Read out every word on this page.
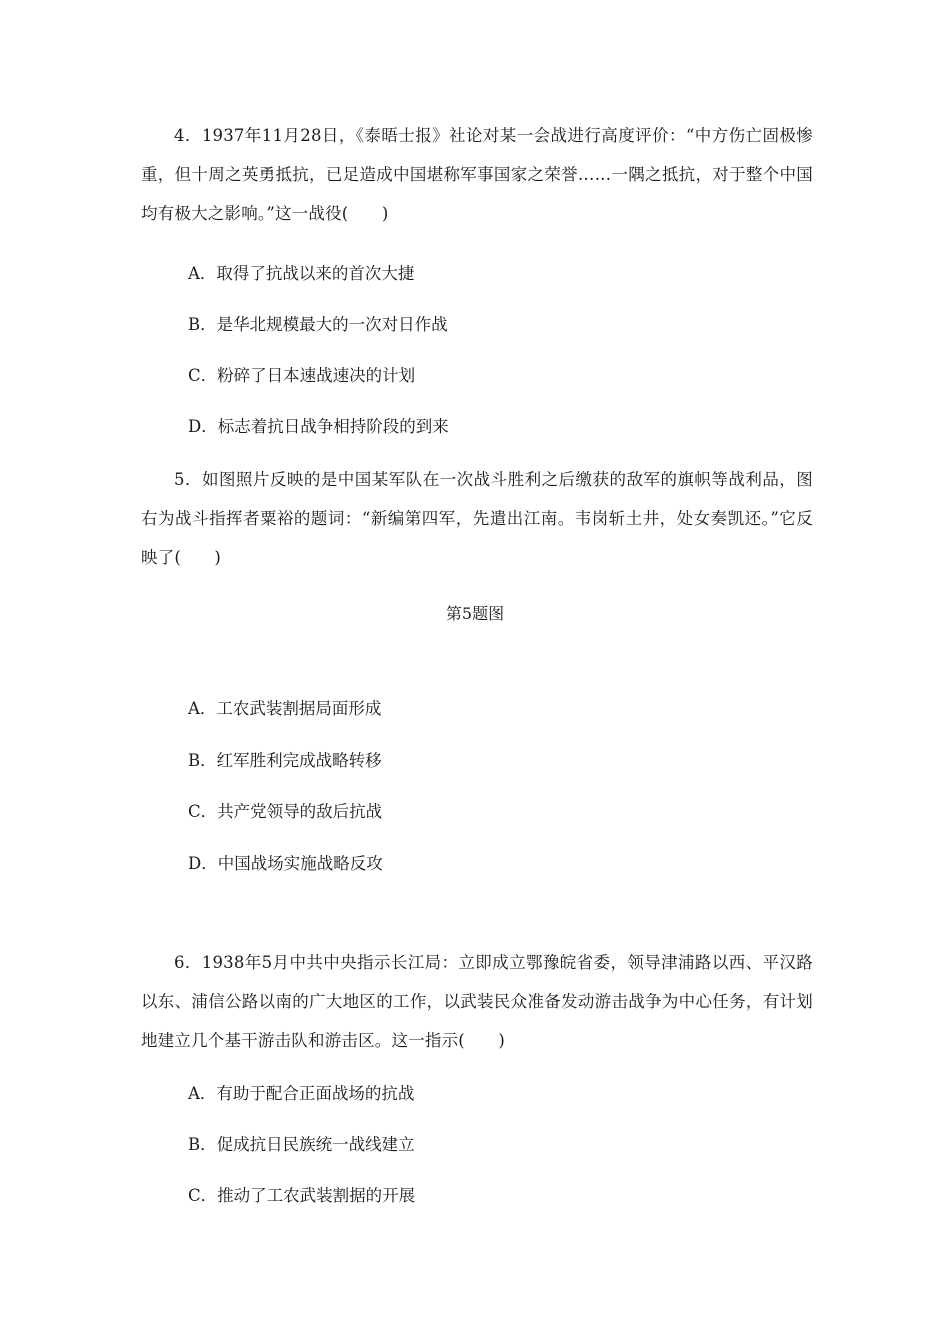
4．1937年11月28日，《泰晤士报》社论对某一会战进行高度评价：“中方伤亡固极惨重，但十周之英勇抵抗，已足造成中国堪称军事国家之荣誉……一隅之抵抗，对于整个中国均有极大之影响。”这一战役(　　)

A．取得了抗战以来的首次大捷

B．是华北规模最大的一次对日作战

C．粉碎了日本速战速决的计划

D．标志着抗日战争相持阶段的到来

5．如图照片反映的是中国某军队在一次战斗胜利之后缴获的敌军的旗帜等战利品，图右为战斗指挥者粟裕的题词：“新编第四军，先遣出江南。韦岗斩土井，处女奏凯还。”它反映了(　　)

第5题图

A．工农武装割据局面形成

B．红军胜利完成战略转移

C．共产党领导的敌后抗战

D．中国战场实施战略反攻

6．1938年5月中共中央指示长江局：立即成立鄂豫皖省委，领导津浦路以西、平汉路以东、浦信公路以南的广大地区的工作，以武装民众准备发动游击战争为中心任务，有计划地建立几个基干游击队和游击区。这一指示(　　)

A．有助于配合正面战场的抗战

B．促成抗日民族统一战线建立

C．推动了工农武装割据的开展
